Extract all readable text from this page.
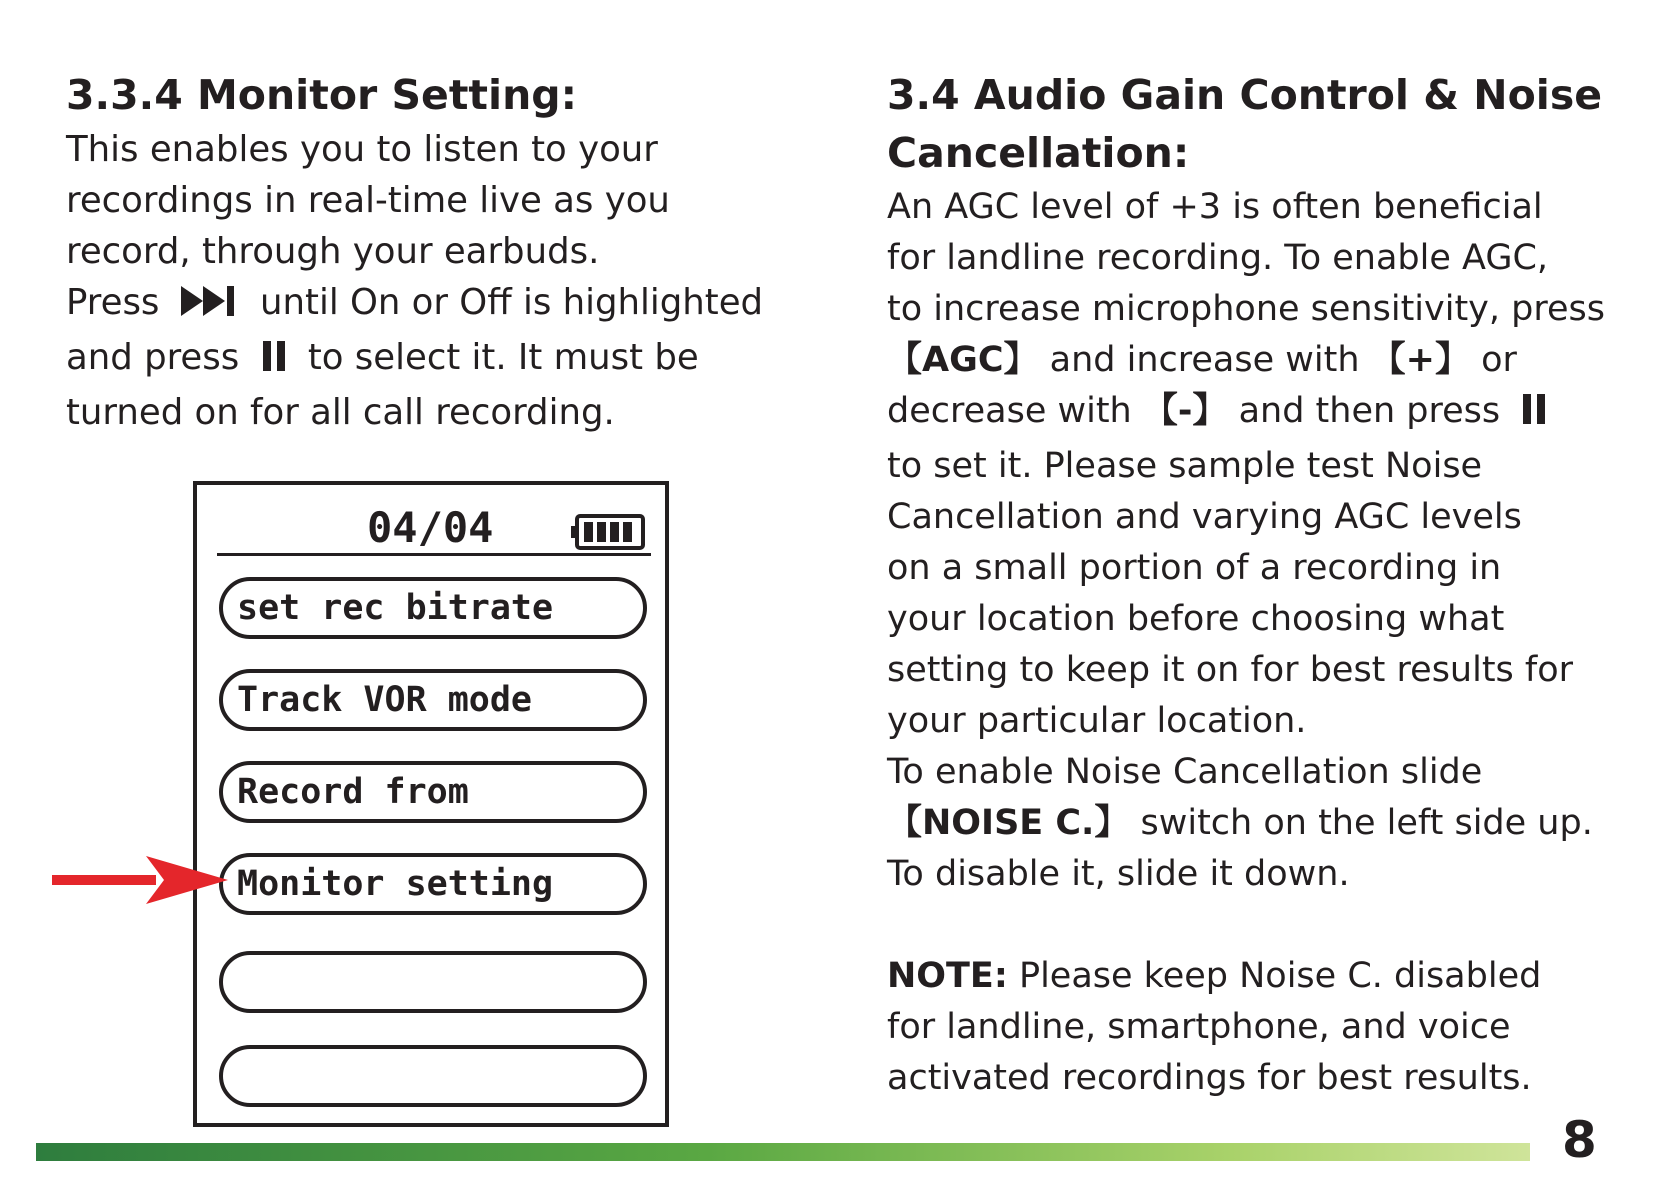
3.3.4 Monitor Setting:

This enables you to listen to your

recordings in real-time live as you

record, through your earbuds.

Press	until On or Off is highlighted

and press to select it. It must be

turned on for all call recording.

04/04
set rec bitrate
Track VOR mode
Record from
Monitor setting
3.4 Audio Gain Control & Noise
Cancellation:

An AGC level of +3 is often beneficial

for landline recording. To enable AGC,

to increase microphone sensitivity, press

【AGC】 and increase with 【+】 or

decrease with 【-】 and then press

to set it. Please sample test Noise

Cancellation and varying AGC levels

on a small portion of a recording in

your location before choosing what

setting to keep it on for best results for

your particular location.

To enable Noise Cancellation slide

【NOISE C.】 switch on the left side up.

To disable it, slide it down.

NOTE: Please keep Noise C. disabled

for landline, smartphone, and voice

activated recordings for best results.

8
